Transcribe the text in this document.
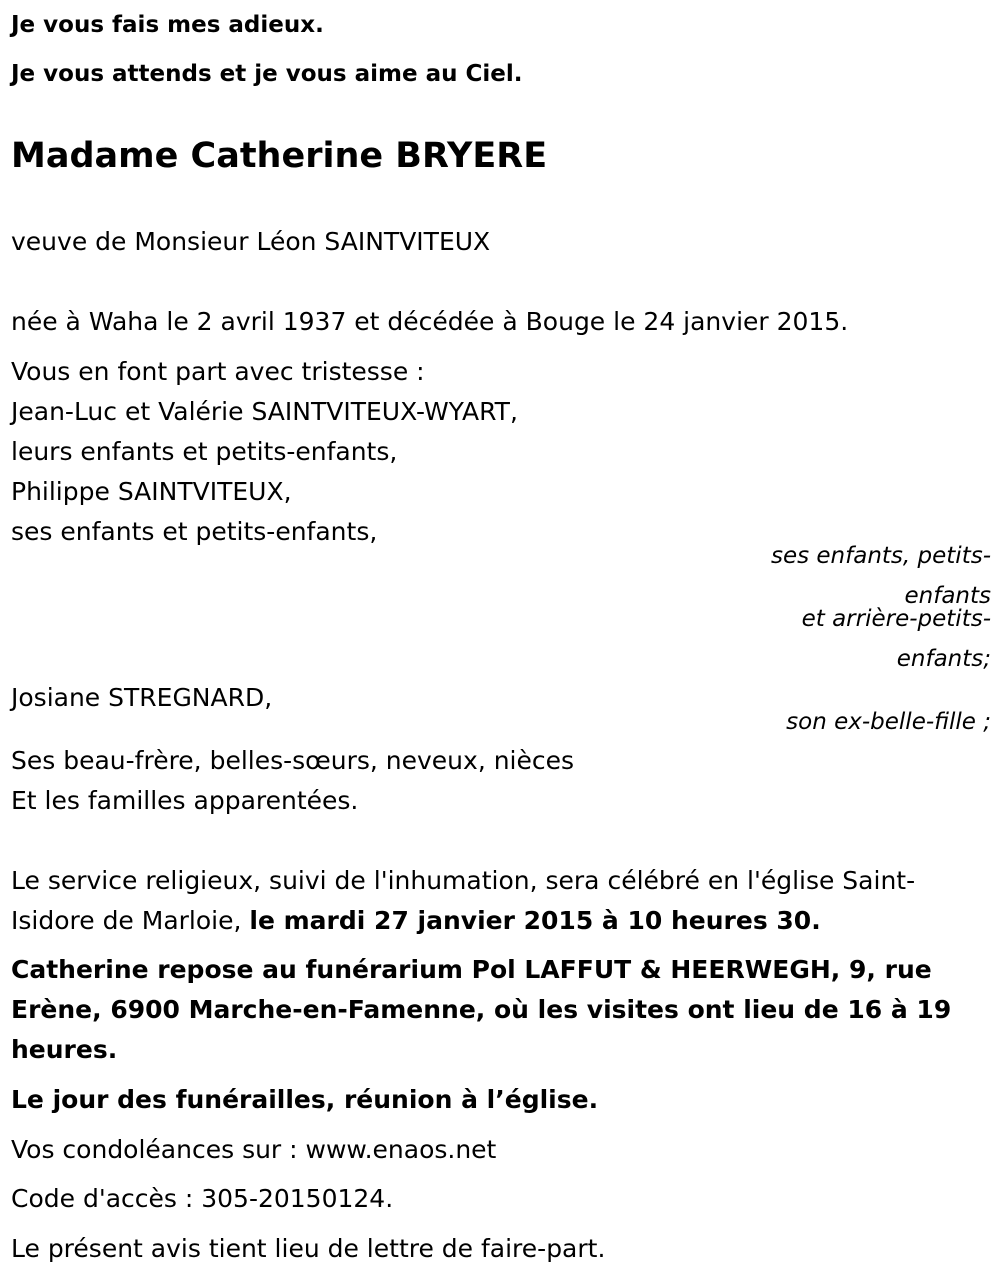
Je vous fais mes adieux.
Je vous attends et je vous aime au Ciel.
Madame Catherine BRYERE
veuve de Monsieur Léon SAINTVITEUX
née à Waha le 2 avril 1937 et décédée à Bouge le 24 janvier 2015.
Vous en font part avec tristesse :
Jean-Luc et Valérie SAINTVITEUX-WYART,
leurs enfants et petits-enfants,
Philippe SAINTVITEUX,
ses enfants et petits-enfants,
ses enfants, petits-
enfants
et arrière-petits-
enfants;
Josiane STREGNARD,
son ex-belle-fille ;
Ses beau-frère, belles-sœurs, neveux, nièces
Et les familles apparentées.
Le service religieux, suivi de l'inhumation, sera célébré en l'église Saint-
Isidore de Marloie, le mardi 27 janvier 2015 à 10 heures 30.
Catherine repose au funérarium Pol LAFFUT & HEERWEGH, 9, rue
Erène, 6900 Marche-en-Famenne, où les visites ont lieu de 16 à 19
heures.
Le jour des funérailles, réunion à l’église.
Vos condoléances sur : www.enaos.net
Code d'accès : 305-20150124.
Le présent avis tient lieu de lettre de faire-part.
